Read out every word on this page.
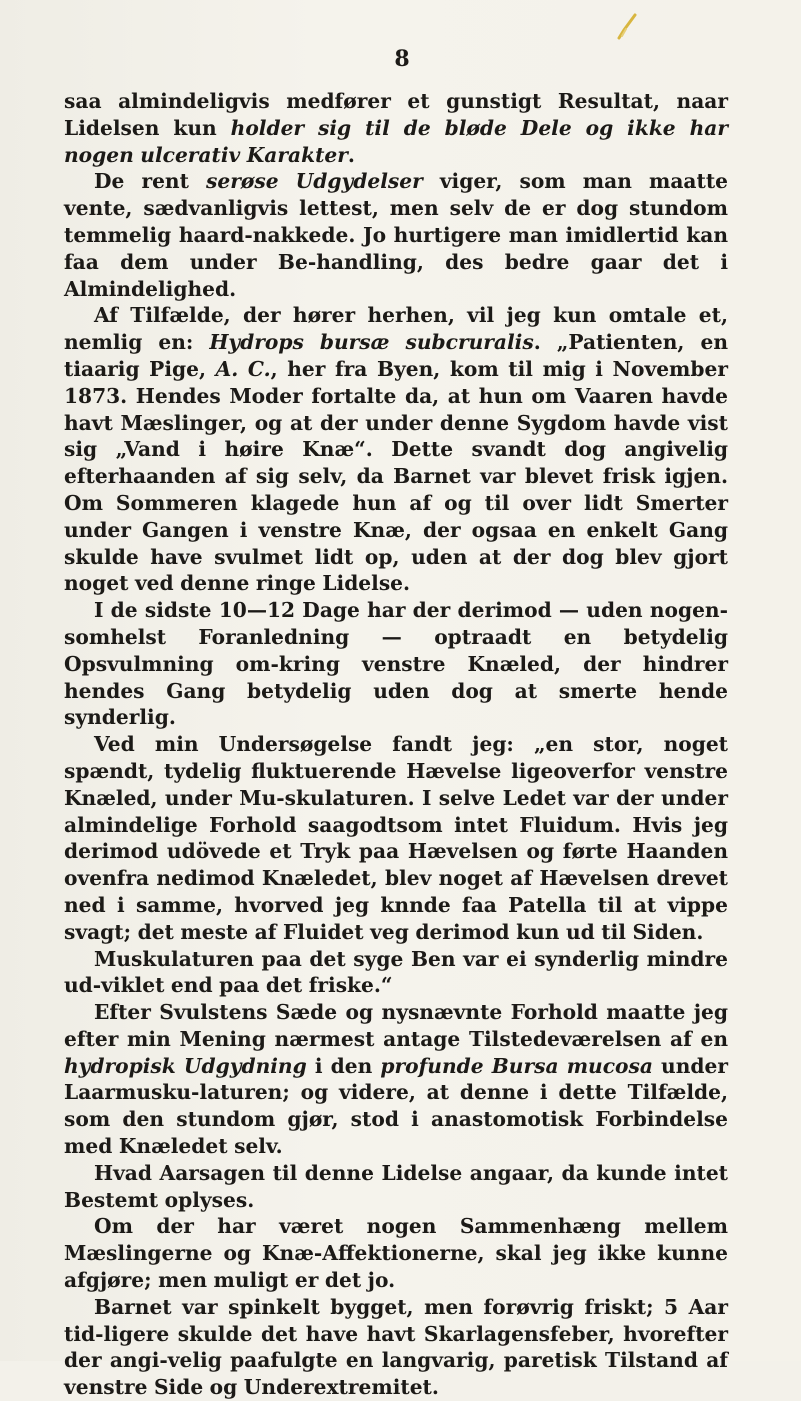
8

saa almindeligvis medfører et gunstigt Resultat, naar Lidelsen kun holder sig til de bløde Dele og ikke har nogen ulcerativ Karakter.

De rent serøse Udgydelser viger, som man maatte vente, sædvanligvis lettest, men selv de er dog stundom temmelig haard-nakkede. Jo hurtigere man imidlertid kan faa dem under Be-handling, des bedre gaar det i Almindelighed.

Af Tilfælde, der hører herhen, vil jeg kun omtale et, nemlig en: Hydrops bursæ subcruralis. „Patienten, en tiaarig Pige, A. C., her fra Byen, kom til mig i November 1873. Hendes Moder fortalte da, at hun om Vaaren havde havt Mæslinger, og at der under denne Sygdom havde vist sig „Vand i høire Knæ“. Dette svandt dog angivelig efterhaanden af sig selv, da Barnet var blevet frisk igjen. Om Sommeren klagede hun af og til over lidt Smerter under Gangen i venstre Knæ, der ogsaa en enkelt Gang skulde have svulmet lidt op, uden at der dog blev gjort noget ved denne ringe Lidelse.

I de sidste 10—12 Dage har der derimod — uden nogen-somhelst Foranledning — optraadt en betydelig Opsvulmning om-kring venstre Knæled, der hindrer hendes Gang betydelig uden dog at smerte hende synderlig.

Ved min Undersøgelse fandt jeg: „en stor, noget spændt, tydelig fluktuerende Hævelse ligeoverfor venstre Knæled, under Mu-skulaturen. I selve Ledet var der under almindelige Forhold saagodtsom intet Fluidum. Hvis jeg derimod udövede et Tryk paa Hævelsen og førte Haanden ovenfra nedimod Knæledet, blev noget af Hævelsen drevet ned i samme, hvorved jeg knnde faa Patella til at vippe svagt; det meste af Fluidet veg derimod kun ud til Siden.

Muskulaturen paa det syge Ben var ei synderlig mindre ud-viklet end paa det friske.“

Efter Svulstens Sæde og nysnævnte Forhold maatte jeg efter min Mening nærmest antage Tilstedeværelsen af en hydropisk Udgydning i den profunde Bursa mucosa under Laarmusku-laturen; og videre, at denne i dette Tilfælde, som den stundom gjør, stod i anastomotisk Forbindelse med Knæledet selv.

Hvad Aarsagen til denne Lidelse angaar, da kunde intet Bestemt oplyses.

Om der har været nogen Sammenhæng mellem Mæslingerne og Knæ-Affektionerne, skal jeg ikke kunne afgjøre; men muligt er det jo.

Barnet var spinkelt bygget, men forøvrig friskt; 5 Aar tid-ligere skulde det have havt Skarlagensfeber, hvorefter der angi-velig paafulgte en langvarig, paretisk Tilstand af venstre Side og Underextremitet.
